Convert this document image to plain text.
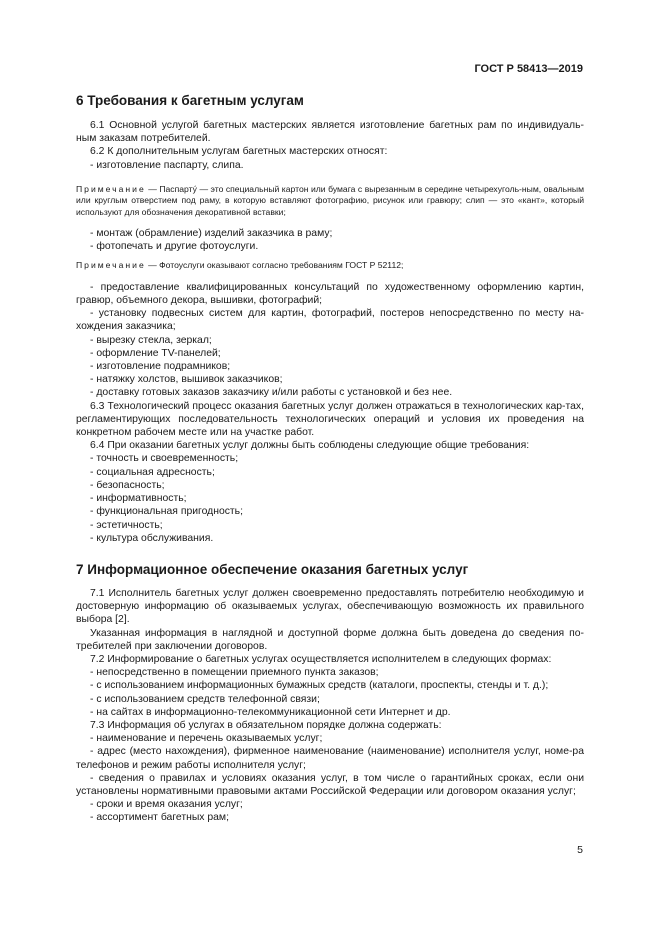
ГОСТ Р 58413—2019
6 Требования к багетным услугам

6.1 Основной услугой багетных мастерских является изготовление багетных рам по индивидуаль-ным заказам потребителей.

6.2 К дополнительным услугам багетных мастерских относят:

- изготовление паспарту, слипа.

Примечание — Паспарту́ — это специальный картон или бумага с вырезанным в середине четырехуголь-ным, овальным или круглым отверстием под раму, в которую вставляют фотографию, рисунок или гравюру; слип — это «кант», который используют для обозначения декоративной вставки;

- монтаж (обрамление) изделий заказчика в раму;

- фотопечать и другие фотоуслуги.

Примечание — Фотоуслуги оказывают согласно требованиям ГОСТ Р 52112;

- предоставление квалифицированных консультаций по художественному оформлению картин, гравюр, объемного декора, вышивки, фотографий;

- установку подвесных систем для картин, фотографий, постеров непосредственно по месту на-хождения заказчика;

- вырезку стекла, зеркал;

- оформление TV-панелей;

- изготовление подрамников;

- натяжку холстов, вышивок заказчиков;

- доставку готовых заказов заказчику и/или работы с установкой и без нее.

6.3 Технологический процесс оказания багетных услуг должен отражаться в технологических кар-тах, регламентирующих последовательность технологических операций и условия их проведения на конкретном рабочем месте или на участке работ.

6.4 При оказании багетных услуг должны быть соблюдены следующие общие требования:

- точность и своевременность;

- социальная адресность;

- безопасность;

- информативность;

- функциональная пригодность;

- эстетичность;

- культура обслуживания.

7 Информационное обеспечение оказания багетных услуг

7.1 Исполнитель багетных услуг должен своевременно предоставлять потребителю необходимую и достоверную информацию об оказываемых услугах, обеспечивающую возможность их правильного выбора [2].

Указанная информация в наглядной и доступной форме должна быть доведена до сведения по-требителей при заключении договоров.

7.2 Информирование о багетных услугах осуществляется исполнителем в следующих формах:

- непосредственно в помещении приемного пункта заказов;

- с использованием информационных бумажных средств (каталоги, проспекты, стенды и т. д.);

- с использованием средств телефонной связи;

- на сайтах в информационно-телекоммуникационной сети Интернет и др.

7.3 Информация об услугах в обязательном порядке должна содержать:

- наименование и перечень оказываемых услуг;

- адрес (место нахождения), фирменное наименование (наименование) исполнителя услуг, номе-ра телефонов и режим работы исполнителя услуг;

- сведения о правилах и условиях оказания услуг, в том числе о гарантийных сроках, если они установлены нормативными правовыми актами Российской Федерации или договором оказания услуг;

- сроки и время оказания услуг;

- ассортимент багетных рам;

5
